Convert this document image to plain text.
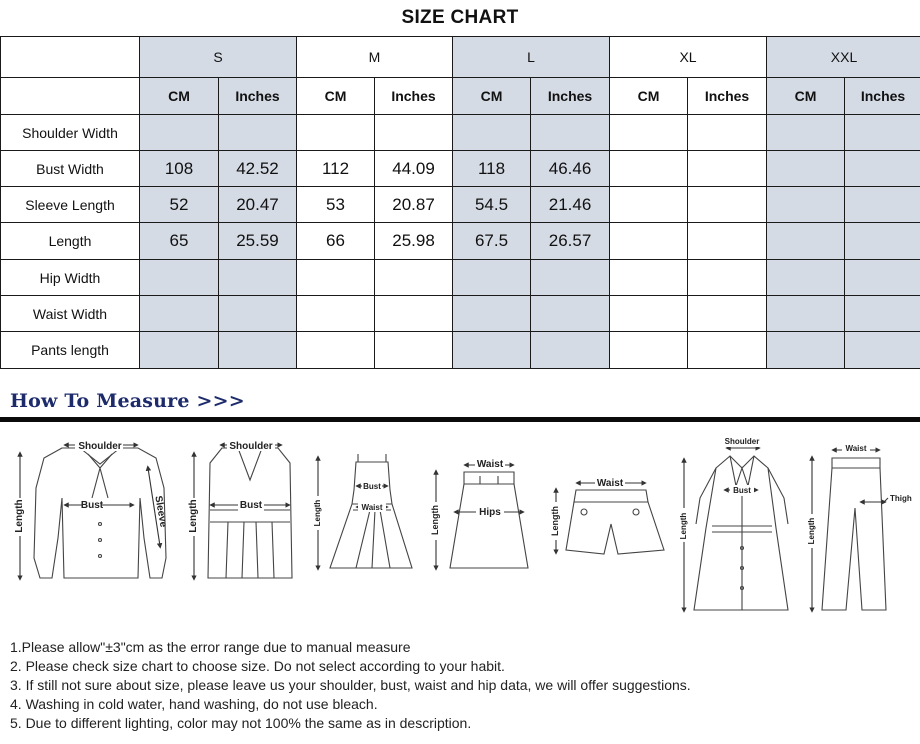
SIZE CHART
	S		M		L		XL		XXL	
	CM	Inches	CM	Inches	CM	Inches	CM	Inches	CM	Inches
Shoulder Width										
Bust Width	108	42.52	112	44.09	118	46.46				
Sleeve Length	52	20.47	53	20.87	54.5	21.46				
Length	65	25.59	66	25.98	67.5	26.57				
Hip Width										
Waist Width										
Pants length										
How To Measure >>>
Shoulder
Bust
Length	Sleeve
Shoulder
Bust
Length
Bust
Waist
Length
Waist
Hips
Length
Waist
Length
Shoulder
Bust
Length
Waist
Thigh
Length
1.Please allow"±3"cm as the error range due to manual measure
2. Please check size chart to choose size. Do not select according to your habit.
3. If still not sure about size, please leave us your shoulder, bust, waist and hip data, we will offer suggestions.
4. Washing in cold water, hand washing, do not use bleach.
5. Due to different lighting, color may not 100% the same as in description.
